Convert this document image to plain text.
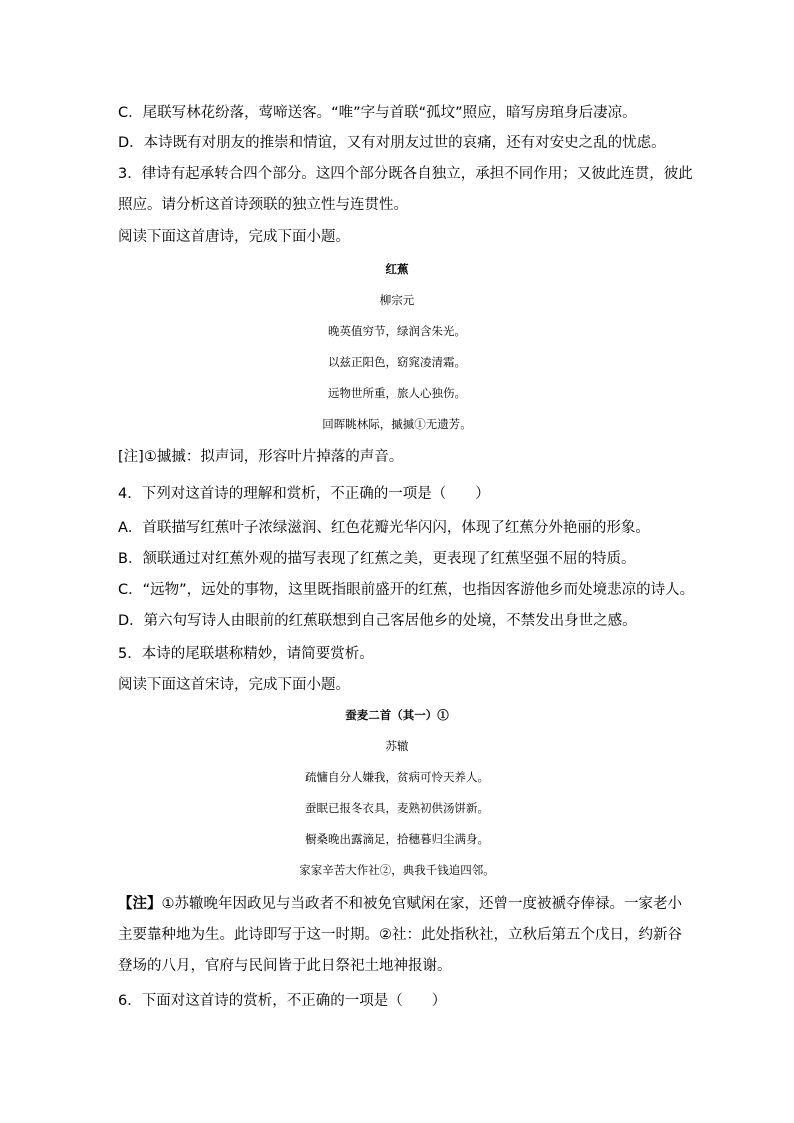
C．尾联写林花纷落，莺啼送客。“唯”字与首联“孤坟”照应，暗写房琯身后凄凉。

D．本诗既有对朋友的推崇和情谊，又有对朋友过世的哀痛，还有对安史之乱的忧虑。

3．律诗有起承转合四个部分。这四个部分既各自独立，承担不同作用；又彼此连贯，彼此

照应。请分析这首诗颈联的独立性与连贯性。

阅读下面这首唐诗，完成下面小题。

红蕉

柳宗元

晚英值穷节，绿润含朱光。

以兹正阳色，窈窕凌清霜。

远物世所重，旅人心独伤。

回晖眺林际，摵摵①无遗芳。

[注]①摵摵：拟声词，形容叶片掉落的声音。

4．下列对这首诗的理解和赏析，不正确的一项是（　　）

A．首联描写红蕉叶子浓绿滋润、红色花瓣光华闪闪，体现了红蕉分外艳丽的形象。

B．颔联通过对红蕉外观的描写表现了红蕉之美，更表现了红蕉坚强不屈的特质。

C．“远物”，远处的事物，这里既指眼前盛开的红蕉，也指因客游他乡而处境悲凉的诗人。

D．第六句写诗人由眼前的红蕉联想到自己客居他乡的处境，不禁发出身世之感。

5．本诗的尾联堪称精妙，请简要赏析。

阅读下面这首宋诗，完成下面小题。

蚕麦二首（其一）①

苏辙

疏慵自分人嫌我，贫病可怜天养人。

蚕眠已报冬衣具，麦熟初供汤饼新。

橱桑晚出露滴足，拾穗暮归尘满身。

家家辛苦大作社②，典我千钱追四邻。

【注】①苏辙晚年因政见与当政者不和被免官赋闲在家，还曾一度被褫夺俸禄。一家老小

主要靠种地为生。此诗即写于这一时期。②社：此处指秋社，立秋后第五个戊日，约新谷

登场的八月，官府与民间皆于此日祭祀土地神报谢。

6．下面对这首诗的赏析，不正确的一项是（　　）
